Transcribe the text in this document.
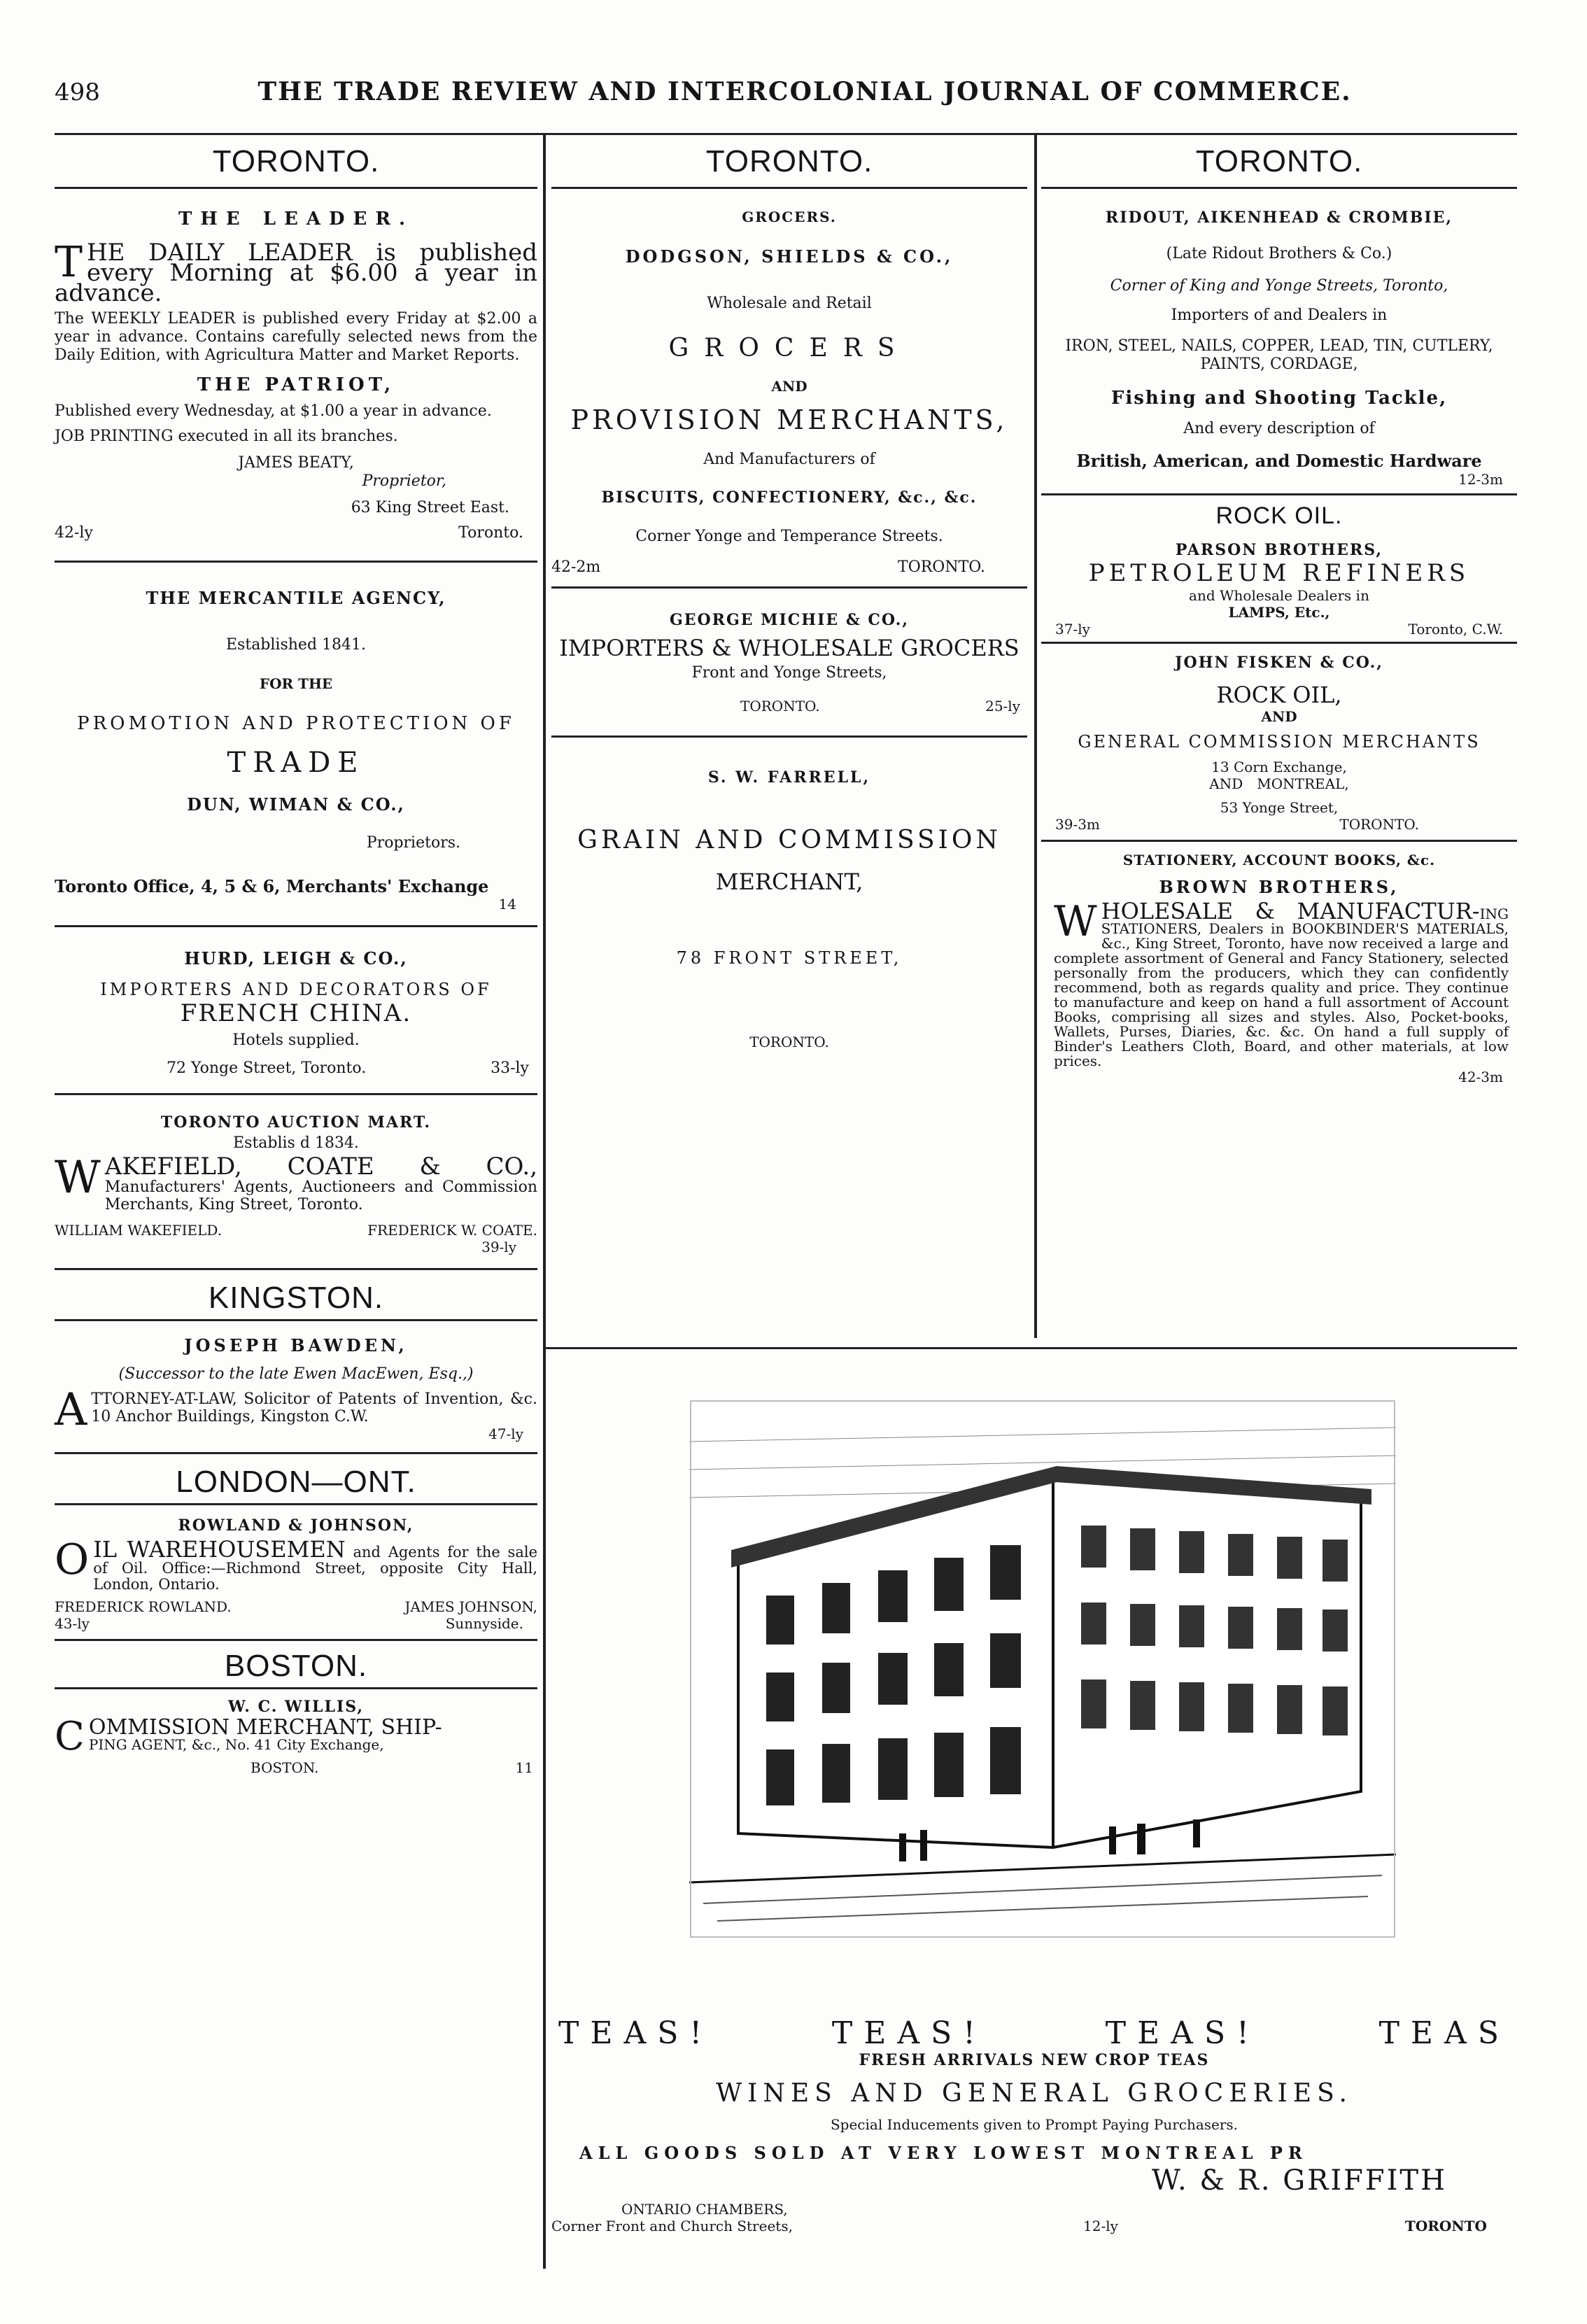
498	THE TRADE REVIEW AND INTERCOLONIAL JOURNAL OF COMMERCE.
TORONTO.
THE LEADER.
THE DAILY LEADER is published every Morning at $6.00 a year in advance.
The WEEKLY LEADER is published every Friday at $2.00 a year in advance. Contains carefully selected news from the Daily Edition, with Agricultura Matter and Market Reports.
THE PATRIOT,
Published every Wednesday, at $1.00 a year in advance.
JOB PRINTING executed in all its branches.
JAMES BEATY,
Proprietor,
63 King Street East.
42-ly	Toronto.
THE MERCANTILE AGENCY,
Established 1841.
FOR THE
PROMOTION AND PROTECTION OF
TRADE
DUN, WIMAN & CO.,
Proprietors.
Toronto Office, 4, 5 & 6, Merchants' Exchange
14
HURD, LEIGH & CO.,
IMPORTERS AND DECORATORS OF
FRENCH CHINA.
Hotels supplied.
72 Yonge Street, Toronto.	33-ly
TORONTO AUCTION MART.
Establis d 1834.
WAKEFIELD, COATE & CO., Manufacturers' Agents, Auctioneers and Commission Merchants, King Street, Toronto.
WILLIAM WAKEFIELD.	FREDERICK W. COATE.
39-ly
KINGSTON.
JOSEPH BAWDEN,
(Successor to the late Ewen MacEwen, Esq.,)
ATTORNEY-AT-LAW, Solicitor of Patents of Invention, &c. 10 Anchor Buildings, Kingston C.W.
47-ly
LONDON—ONT.
ROWLAND & JOHNSON,
OIL WAREHOUSEMEN and Agents for the sale of Oil. Office:—Richmond Street, opposite City Hall, London, Ontario.
FREDERICK ROWLAND.	JAMES JOHNSON,
43-ly	Sunnyside.
BOSTON.
W. C. WILLIS,
COMMISSION MERCHANT, SHIP-
PING AGENT, &c., No. 41 City Exchange,
BOSTON.	11
TORONTO.
GROCERS.
DODGSON, SHIELDS & CO.,
Wholesale and Retail
GROCERS
AND
PROVISION MERCHANTS,
And Manufacturers of
BISCUITS, CONFECTIONERY, &c., &c.
Corner Yonge and Temperance Streets.
42-2m	TORONTO.
GEORGE MICHIE & CO.,
IMPORTERS & WHOLESALE GROCERS
Front and Yonge Streets,
TORONTO.	25-ly
S. W. FARRELL,
GRAIN AND COMMISSION
MERCHANT,
78 FRONT STREET,
TORONTO.
TORONTO.
RIDOUT, AIKENHEAD & CROMBIE,
(Late Ridout Brothers & Co.)
Corner of King and Yonge Streets, Toronto,
Importers of and Dealers in
IRON, STEEL, NAILS, COPPER, LEAD, TIN, CUTLERY, PAINTS, CORDAGE,
Fishing and Shooting Tackle,
And every description of
British, American, and Domestic Hardware
12-3m
ROCK OIL.
PARSON BROTHERS,
PETROLEUM REFINERS
and Wholesale Dealers in
LAMPS, Etc.,
37-ly	Toronto, C.W.
JOHN FISKEN & CO.,
ROCK OIL,
AND
GENERAL COMMISSION MERCHANTS
13 Corn Exchange,
AND MONTREAL,
53 Yonge Street,
39-3m	TORONTO.
STATIONERY, ACCOUNT BOOKS, &c.
BROWN BROTHERS,
WHOLESALE & MANUFACTUR-ING STATIONERS, Dealers in BOOKBINDER'S MATERIALS, &c., King Street, Toronto, have now received a large and complete assortment of General and Fancy Stationery, selected personally from the producers, which they can confidently recommend, both as regards quality and price. They continue to manufacture and keep on hand a full assortment of Account Books, comprising all sizes and styles. Also, Pocket-books, Wallets, Purses, Diaries, &c. &c. On hand a full supply of Binder's Leathers Cloth, Board, and other materials, at low prices.
42-3m
TEAS!	TEAS!	TEAS!	TEAS
FRESH ARRIVALS NEW CROP TEAS
WINES AND GENERAL GROCERIES.
Special Inducements given to Prompt Paying Purchasers.
ALL GOODS SOLD AT VERY LOWEST MONTREAL PR
W. & R. GRIFFITH
ONTARIO CHAMBERS,
Corner Front and Church Streets,	12-ly	TORONTO
